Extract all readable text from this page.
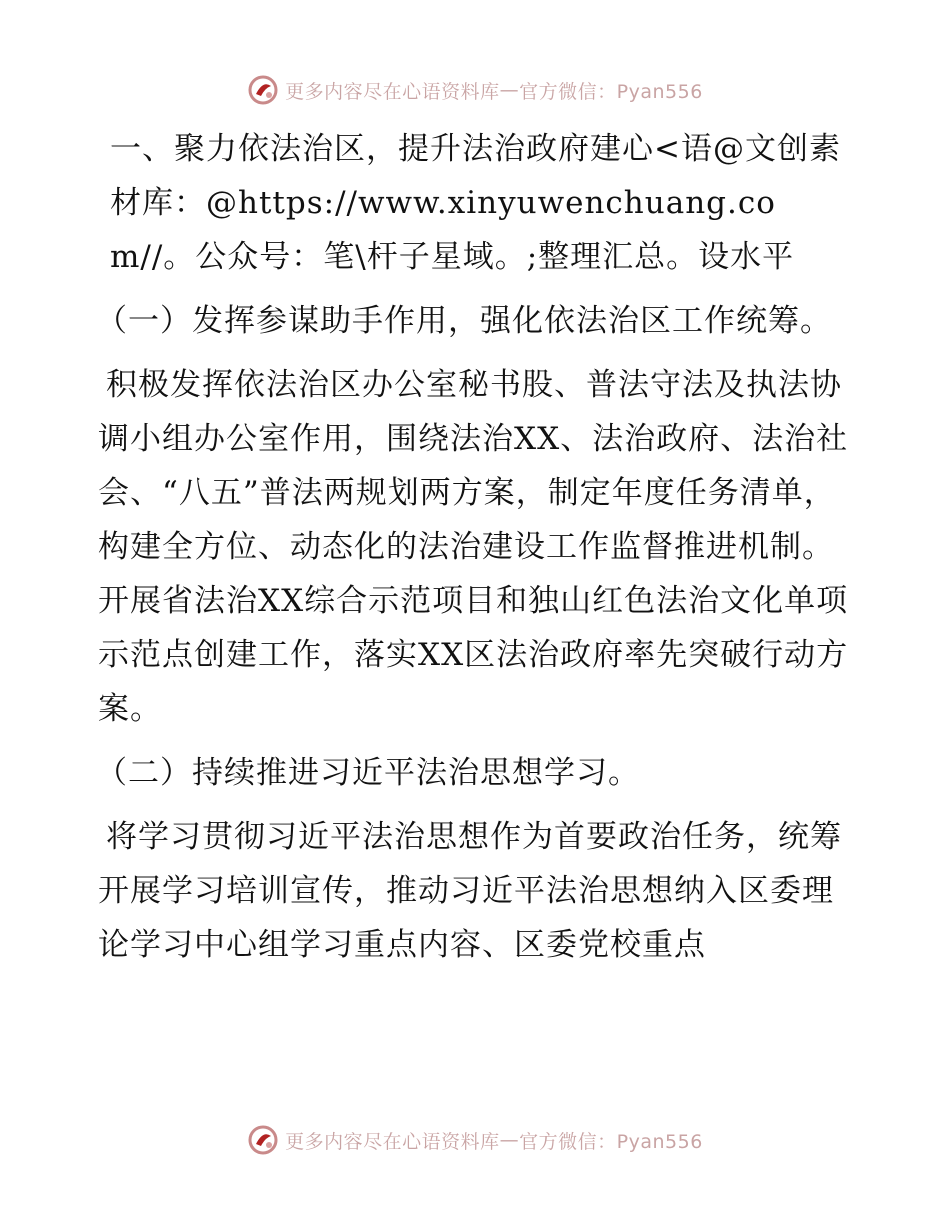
更多内容尽在心语资料库 — 官方微信：Pyan556

一、聚力依法治区，提升法治政府建心<语@文创素材库：@https://www.xinyuwenchuang.com//。公众号：笔\杆子星域。;整理汇总。设水平

（一）发挥参谋助手作用，强化依法治区工作统筹。

积极发挥依法治区办公室秘书股、普法守法及执法协调小组办公室作用，围绕法治XX、法治政府、法治社会、“八五”普法两规划两方案，制定年度任务清单，构建全方位、动态化的法治建设工作监督推进机制。开展省法治XX综合示范项目和独山红色法治文化单项示范点创建工作，落实XX区法治政府率先突破行动方案。

（二）持续推进习近平法治思想学习。

将学习贯彻习近平法治思想作为首要政治任务，统筹开展学习培训宣传，推动习近平法治思想纳入区委理论学习中心组学习重点内容、区委党校重点

更多内容尽在心语资料库 — 官方微信：Pyan556
